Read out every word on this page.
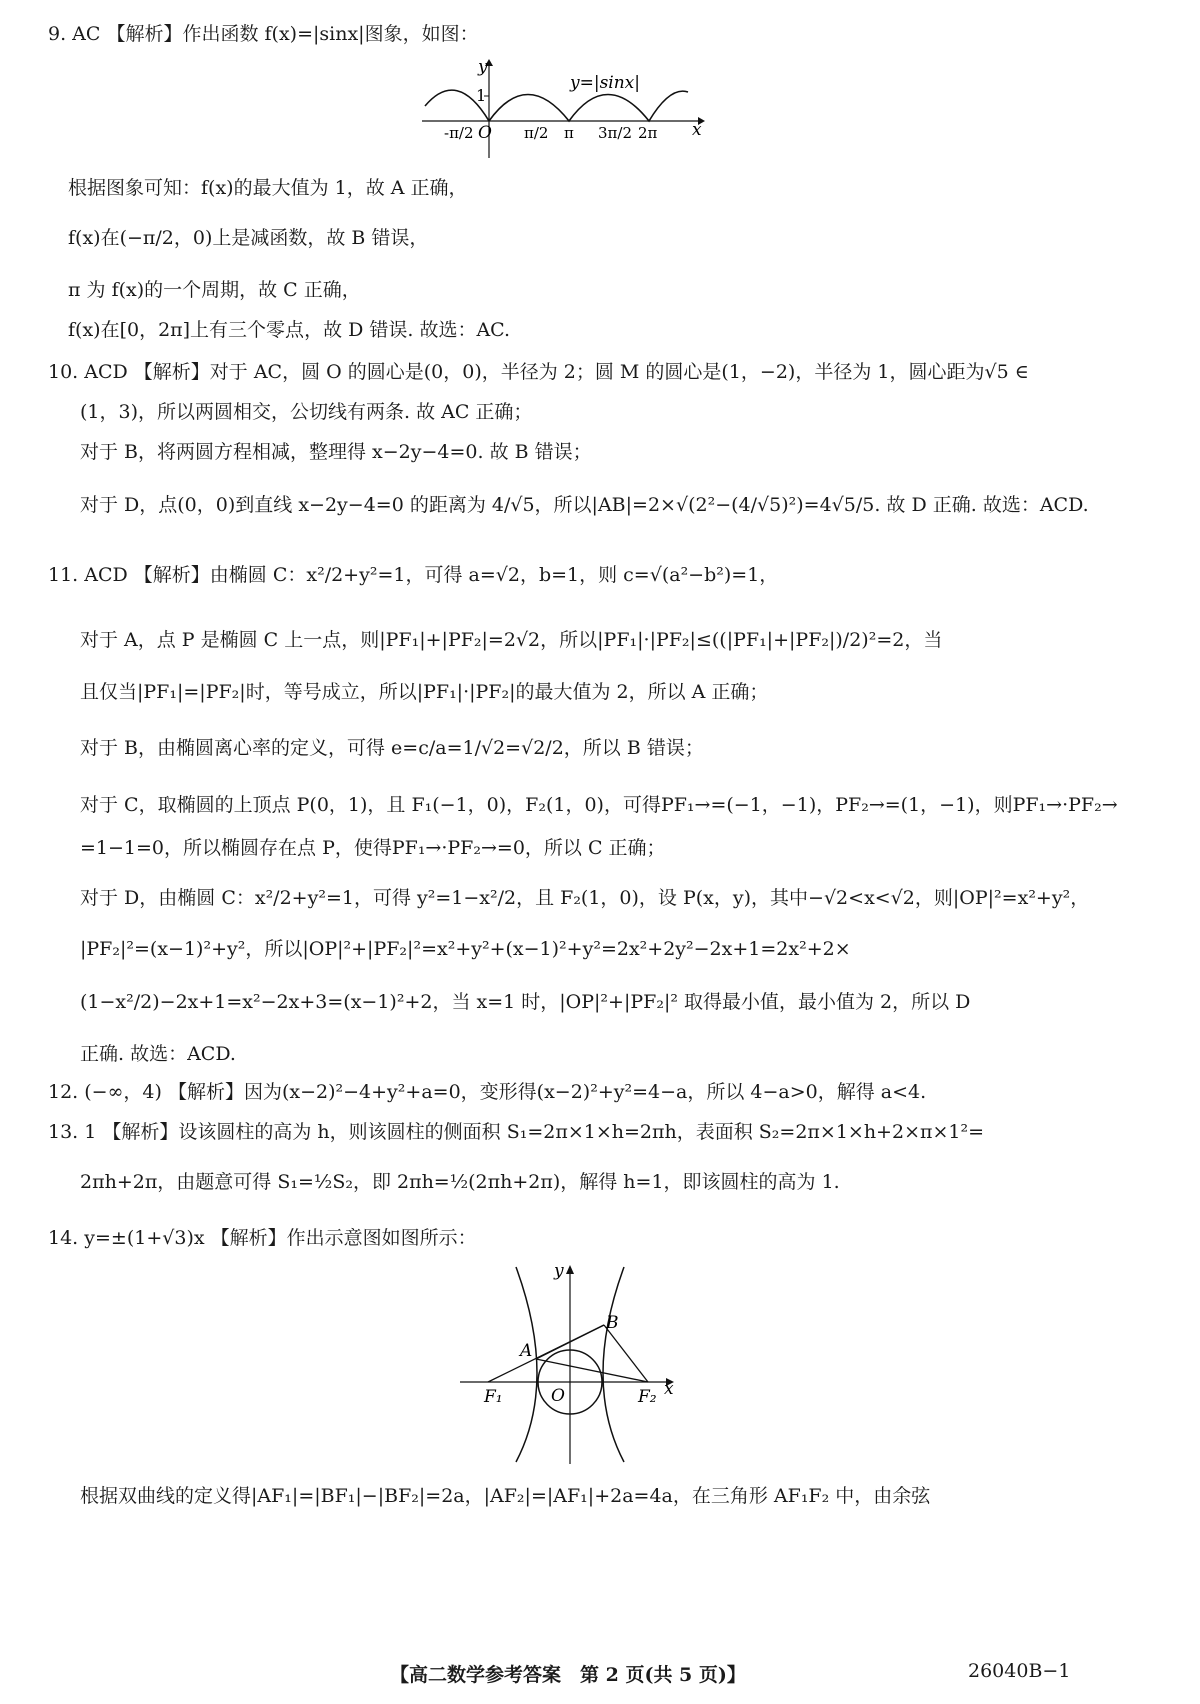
9. AC 【解析】作出函数 f(x)=|sinx|图象，如图：
y
x
1
O
y=|sinx|
-π/2	π/2 π 3π/2 2π
根据图象可知：f(x)的最大值为 1，故 A 正确，
f(x)在(−π/2，0)上是减函数，故 B 错误，
π 为 f(x)的一个周期，故 C 正确，
f(x)在[0，2π]上有三个零点，故 D 错误. 故选：AC.
10. ACD 【解析】对于 AC，圆 O 的圆心是(0，0)，半径为 2；圆 M 的圆心是(1，−2)，半径为 1，圆心距为√5 ∈
(1，3)，所以两圆相交，公切线有两条. 故 AC 正确；
对于 B，将两圆方程相减，整理得 x−2y−4=0. 故 B 错误；
对于 D，点(0，0)到直线 x−2y−4=0 的距离为 4/√5，所以|AB|=2×√(2²−(4/√5)²)=4√5/5. 故 D 正确. 故选：ACD.
11. ACD 【解析】由椭圆 C：x²/2+y²=1，可得 a=√2，b=1，则 c=√(a²−b²)=1，
对于 A，点 P 是椭圆 C 上一点，则|PF₁|+|PF₂|=2√2，所以|PF₁|·|PF₂|≤((|PF₁|+|PF₂|)/2)²=2，当
且仅当|PF₁|=|PF₂|时，等号成立，所以|PF₁|·|PF₂|的最大值为 2，所以 A 正确；
对于 B，由椭圆离心率的定义，可得 e=c/a=1/√2=√2/2，所以 B 错误；
对于 C，取椭圆的上顶点 P(0，1)，且 F₁(−1，0)，F₂(1，0)，可得PF₁→=(−1，−1)，PF₂→=(1，−1)，则PF₁→·PF₂→
=1−1=0，所以椭圆存在点 P，使得PF₁→·PF₂→=0，所以 C 正确；
对于 D，由椭圆 C：x²/2+y²=1，可得 y²=1−x²/2，且 F₂(1，0)，设 P(x，y)，其中−√2<x<√2，则|OP|²=x²+y²，
|PF₂|²=(x−1)²+y²，所以|OP|²+|PF₂|²=x²+y²+(x−1)²+y²=2x²+2y²−2x+1=2x²+2×
(1−x²/2)−2x+1=x²−2x+3=(x−1)²+2，当 x=1 时，|OP|²+|PF₂|² 取得最小值，最小值为 2，所以 D
正确. 故选：ACD.
12. (−∞，4) 【解析】因为(x−2)²−4+y²+a=0，变形得(x−2)²+y²=4−a，所以 4−a>0，解得 a<4.
13. 1 【解析】设该圆柱的高为 h，则该圆柱的侧面积 S₁=2π×1×h=2πh，表面积 S₂=2π×1×h+2×π×1²=
2πh+2π，由题意可得 S₁=½S₂，即 2πh=½(2πh+2π)，解得 h=1，即该圆柱的高为 1.
14. y=±(1+√3)x 【解析】作出示意图如图所示：
y
x
O
A
B
F₁	F₂
根据双曲线的定义得|AF₁|=|BF₁|−|BF₂|=2a，|AF₂|=|AF₁|+2a=4a，在三角形 AF₁F₂ 中，由余弦
【高二数学参考答案　第 2 页(共 5 页)】	26040B−1
